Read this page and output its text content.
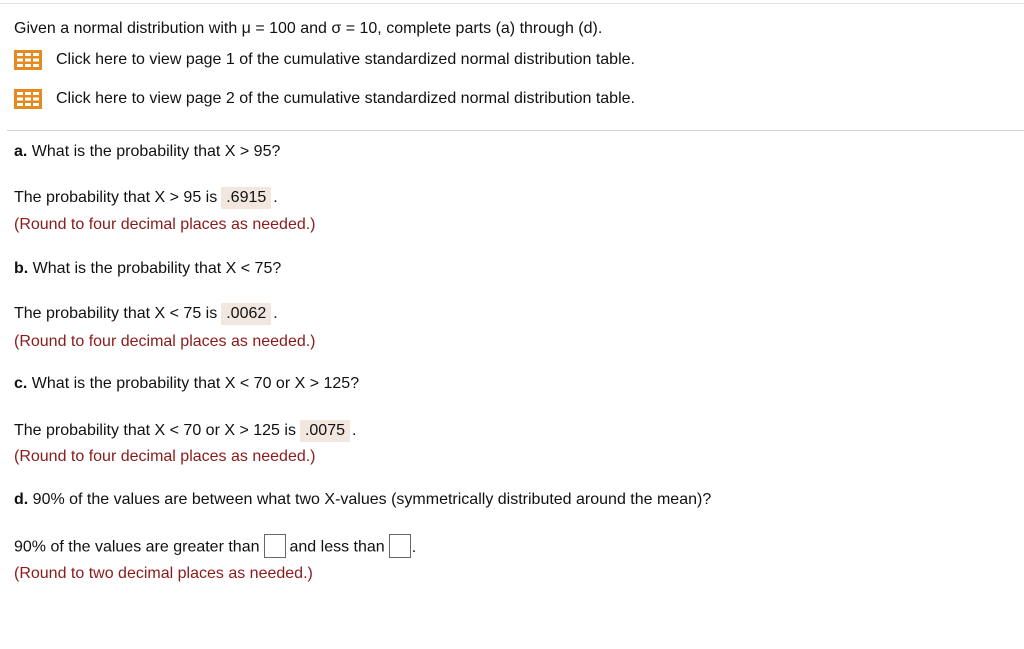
Given a normal distribution with μ = 100 and σ = 10, complete parts (a) through (d).
Click here to view page 1 of the cumulative standardized normal distribution table.
Click here to view page 2 of the cumulative standardized normal distribution table.
a. What is the probability that X > 95?
The probability that X > 95 is .6915 .
(Round to four decimal places as needed.)
b. What is the probability that X < 75?
The probability that X < 75 is .0062 .
(Round to four decimal places as needed.)
c. What is the probability that X < 70 or X > 125?
The probability that X < 70 or X > 125 is .0075 .
(Round to four decimal places as needed.)
d. 90% of the values are between what two X-values (symmetrically distributed around the mean)?
90% of the values are greater than and less than .
(Round to two decimal places as needed.)
